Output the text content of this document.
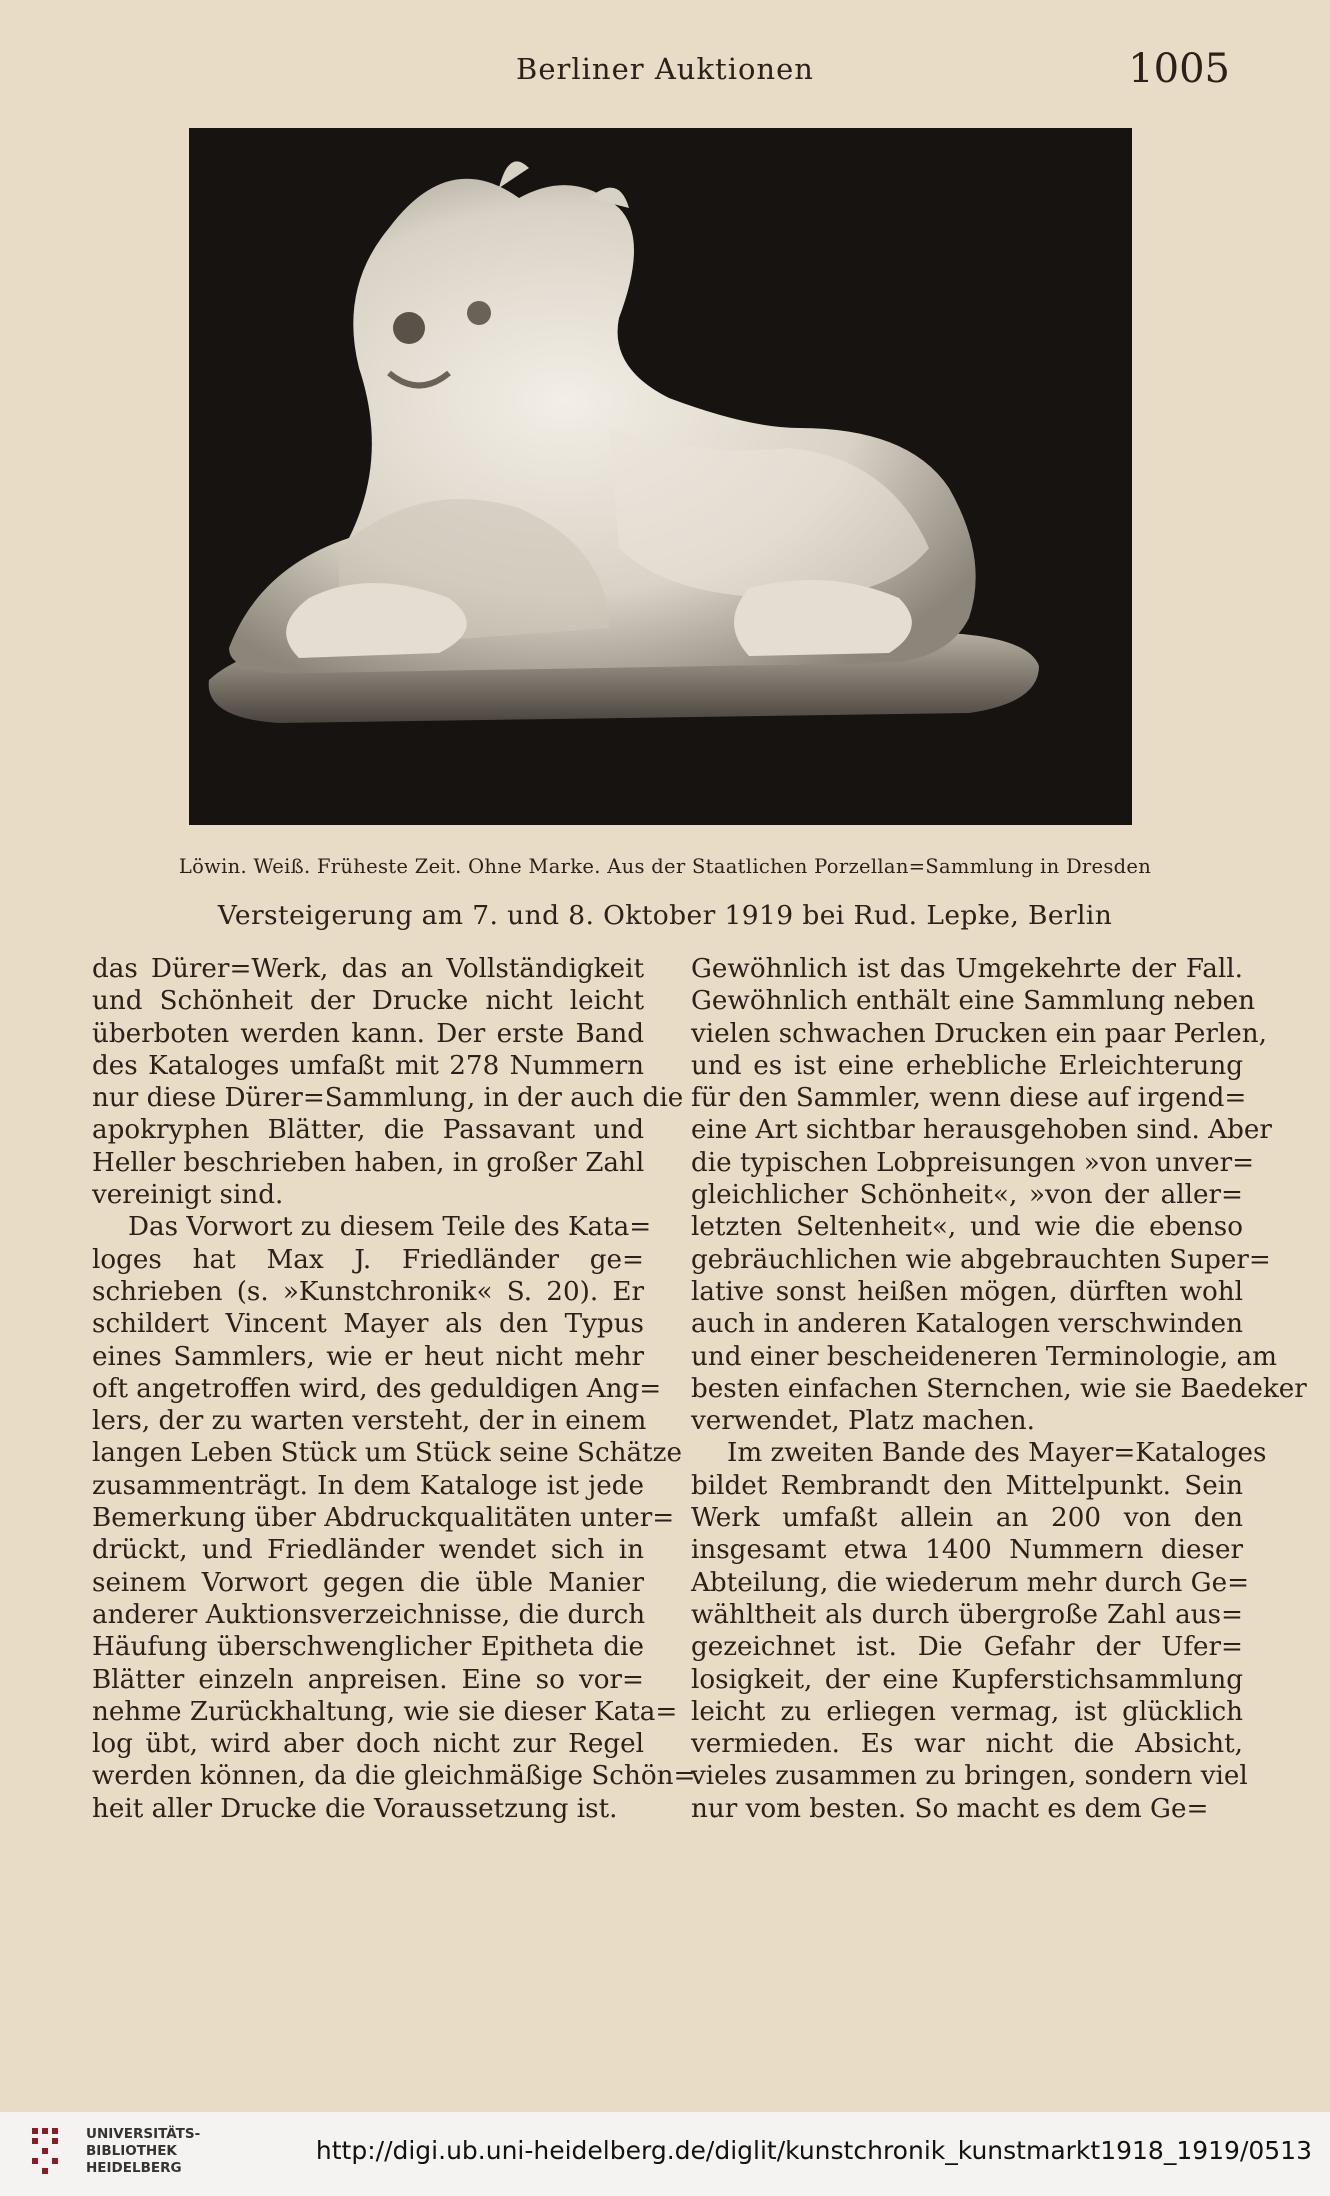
Berliner Auktionen	1005
Löwin. Weiß. Früheste Zeit. Ohne Marke. Aus der Staatlichen Porzellan=Sammlung in Dresden
Versteigerung am 7. und 8. Oktober 1919 bei Rud. Lepke, Berlin
das Dürer=Werk, das an Vollständigkeit
und Schönheit der Drucke nicht leicht
überboten werden kann. Der erste Band
des Kataloges umfaßt mit 278 Nummern
nur diese Dürer=Sammlung, in der auch die
apokryphen Blätter, die Passavant und
Heller beschrieben haben, in großer Zahl
vereinigt sind.
Das Vorwort zu diesem Teile des Kata=
loges hat Max J. Friedländer ge=
schrieben (s. »Kunstchronik« S. 20). Er
schildert Vincent Mayer als den Typus
eines Sammlers, wie er heut nicht mehr
oft angetroffen wird, des geduldigen Ang=
lers, der zu warten versteht, der in einem
langen Leben Stück um Stück seine Schätze
zusammenträgt. In dem Kataloge ist jede
Bemerkung über Abdruckqualitäten unter=
drückt, und Friedländer wendet sich in
seinem Vorwort gegen die üble Manier
anderer Auktionsverzeichnisse, die durch
Häufung überschwenglicher Epitheta die
Blätter einzeln anpreisen. Eine so vor=
nehme Zurückhaltung, wie sie dieser Kata=
log übt, wird aber doch nicht zur Regel
werden können, da die gleichmäßige Schön=
heit aller Drucke die Voraussetzung ist.
Gewöhnlich ist das Umgekehrte der Fall.
Gewöhnlich enthält eine Sammlung neben
vielen schwachen Drucken ein paar Perlen,
und es ist eine erhebliche Erleichterung
für den Sammler, wenn diese auf irgend=
eine Art sichtbar herausgehoben sind. Aber
die typischen Lobpreisungen »von unver=
gleichlicher Schönheit«, »von der aller=
letzten Seltenheit«, und wie die ebenso
gebräuchlichen wie abgebrauchten Super=
lative sonst heißen mögen, dürften wohl
auch in anderen Katalogen verschwinden
und einer bescheideneren Terminologie, am
besten einfachen Sternchen, wie sie Baedeker
verwendet, Platz machen.
Im zweiten Bande des Mayer=Kataloges
bildet Rembrandt den Mittelpunkt. Sein
Werk umfaßt allein an 200 von den
insgesamt etwa 1400 Nummern dieser
Abteilung, die wiederum mehr durch Ge=
wähltheit als durch übergroße Zahl aus=
gezeichnet ist. Die Gefahr der Ufer=
losigkeit, der eine Kupferstichsammlung
leicht zu erliegen vermag, ist glücklich
vermieden. Es war nicht die Absicht,
vieles zusammen zu bringen, sondern viel
nur vom besten. So macht es dem Ge=
UNIVERSITÄTS-
BIBLIOTHEK
HEIDELBERG
http://digi.ub.uni-heidelberg.de/diglit/kunstchronik_kunstmarkt1918_1919/0513
